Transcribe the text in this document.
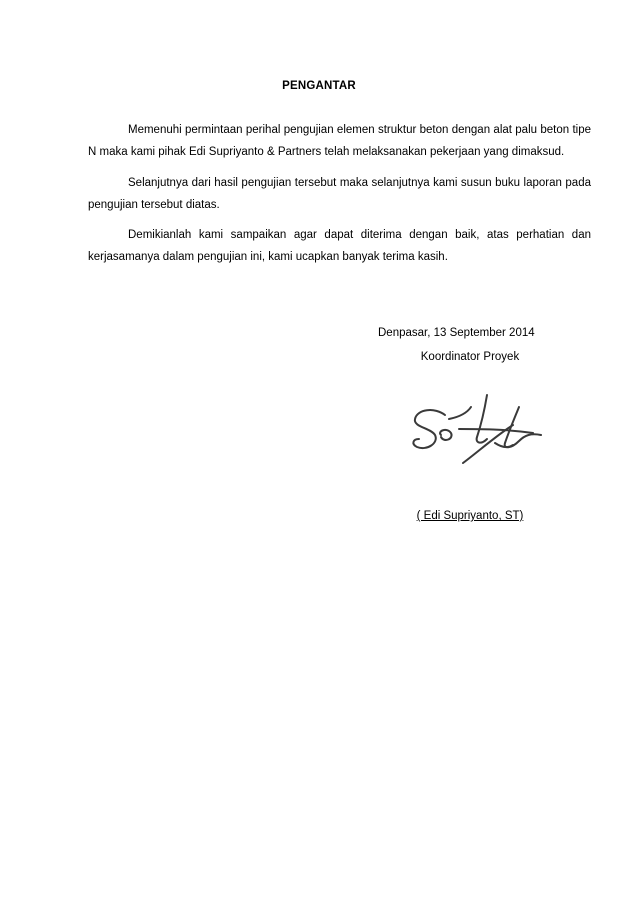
PENGANTAR

Memenuhi permintaan perihal pengujian elemen struktur beton dengan alat palu beton tipe N maka kami pihak Edi Supriyanto & Partners telah melaksanakan pekerjaan yang dimaksud.

Selanjutnya dari hasil pengujian tersebut maka selanjutnya kami susun buku laporan pada pengujian tersebut diatas.

Demikianlah kami sampaikan agar dapat diterima dengan baik, atas perhatian dan kerjasamanya dalam pengujian ini, kami ucapkan banyak terima kasih.

Denpasar, 13 September 2014
Koordinator Proyek
( Edi Supriyanto, ST)
